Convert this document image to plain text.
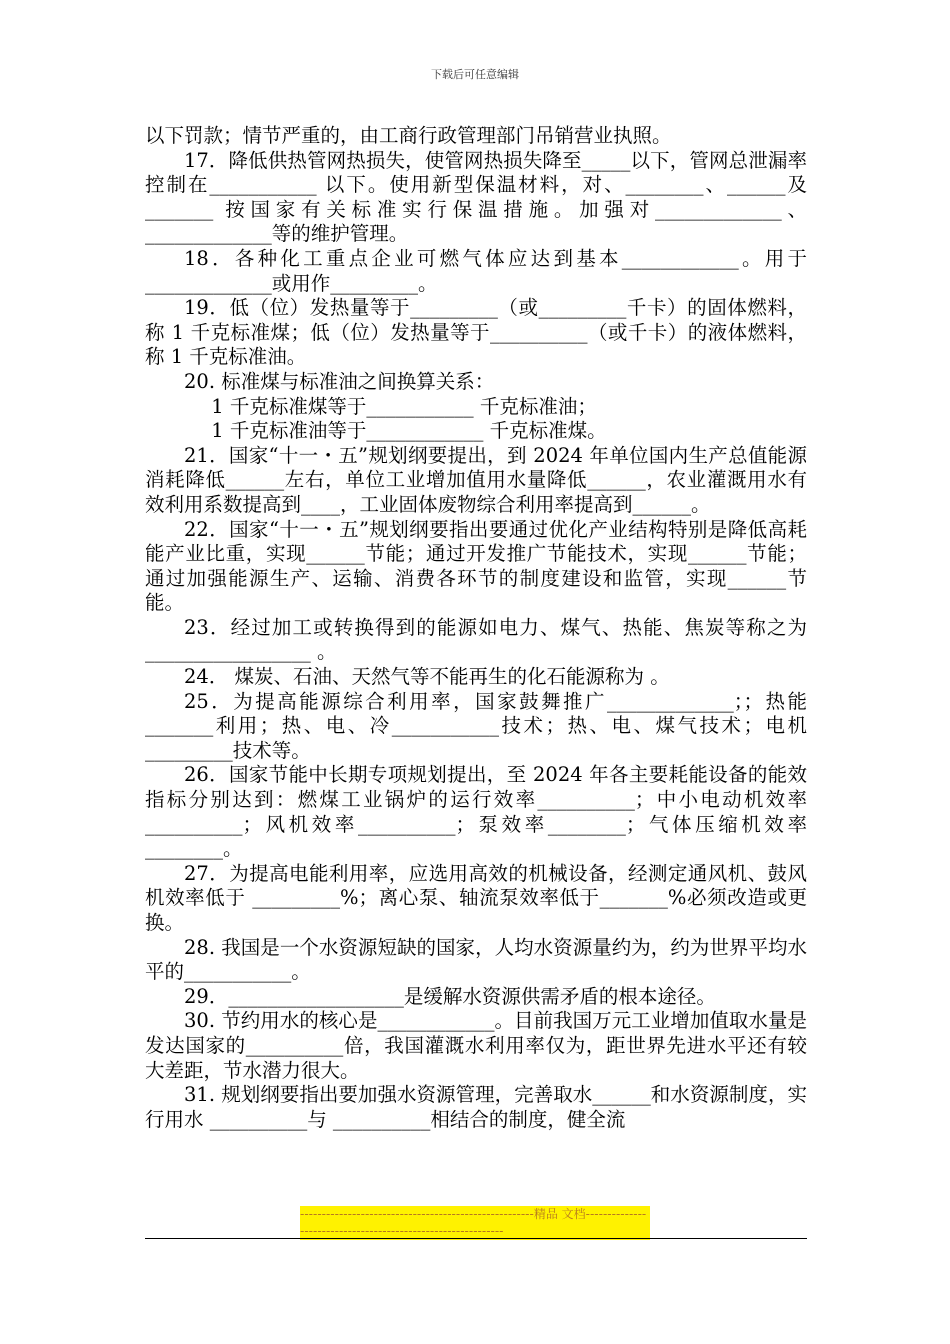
下载后可任意编辑
以下罚款；情节严重的，由工商行政管理部门吊销营业执照。
17．降低供热管网热损失，使管网热损失降至_____以下，管网总泄漏率控制在___________ 以下。使用新型保温材料，对、________、______及_______ 按国家有关标准实行保温措施。加强对_____________、_____________等的维护管理。
18．各种化工重点企业可燃气体应达到基本____________。用于_____________或用作_________。
19．低（位）发热量等于_________（或_________千卡）的固体燃料，称 1 千克标准煤；低（位）发热量等于__________（或千卡）的液体燃料，称 1 千克标准油。
20. 标准煤与标准油之间换算关系：
1 千克标准煤等于___________ 千克标准油；
1 千克标准油等于____________ 千克标准煤。
21．国家“十一・五”规划纲要提出，到 2024 年单位国内生产总值能源消耗降低______左右，单位工业增加值用水量降低______，农业灌溉用水有效利用系数提高到____，工业固体废物综合利用率提高到______。
22．国家“十一・五”规划纲要指出要通过优化产业结构特别是降低高耗能产业比重，实现______节能；通过开发推广节能技术，实现______节能；通过加强能源生产、运输、消费各环节的制度建设和监管，实现______节能。
23．经过加工或转换得到的能源如电力、煤气、热能、焦炭等称之为_________________ 。
24． 煤炭、石油、天然气等不能再生的化石能源称为 。
25．为提高能源综合利用率，国家鼓舞推广_____________；；热能_______利用；热、电、冷___________技术；热、电、煤气技术；电机_________技术等。
26．国家节能中长期专项规划提出，至 2024 年各主要耗能设备的能效指标分别达到：燃煤工业锅炉的运行效率__________；中小电动机效率__________；风机效率__________；泵效率________；气体压缩机效率________。
27．为提高电能利用率，应选用高效的机械设备，经测定通风机、鼓风机效率低于 _________%；离心泵、轴流泵效率低于_______%必须改造或更换。
28. 我国是一个水资源短缺的国家，人均水资源量约为，约为世界平均水平的___________。
29．__________________是缓解水资源供需矛盾的根本途径。
30. 节约用水的核心是____________。目前我国万元工业增加值取水量是发达国家的__________倍，我国灌溉水利用率仅为，距世界先进水平还有较大差距，节水潜力很大。
31. 规划纲要指出要加强水资源管理，完善取水______和水资源制度，实行用水 __________与 __________相结合的制度，健全流
------------------------------------------------------精品 文档-------------------------------------------------------------
